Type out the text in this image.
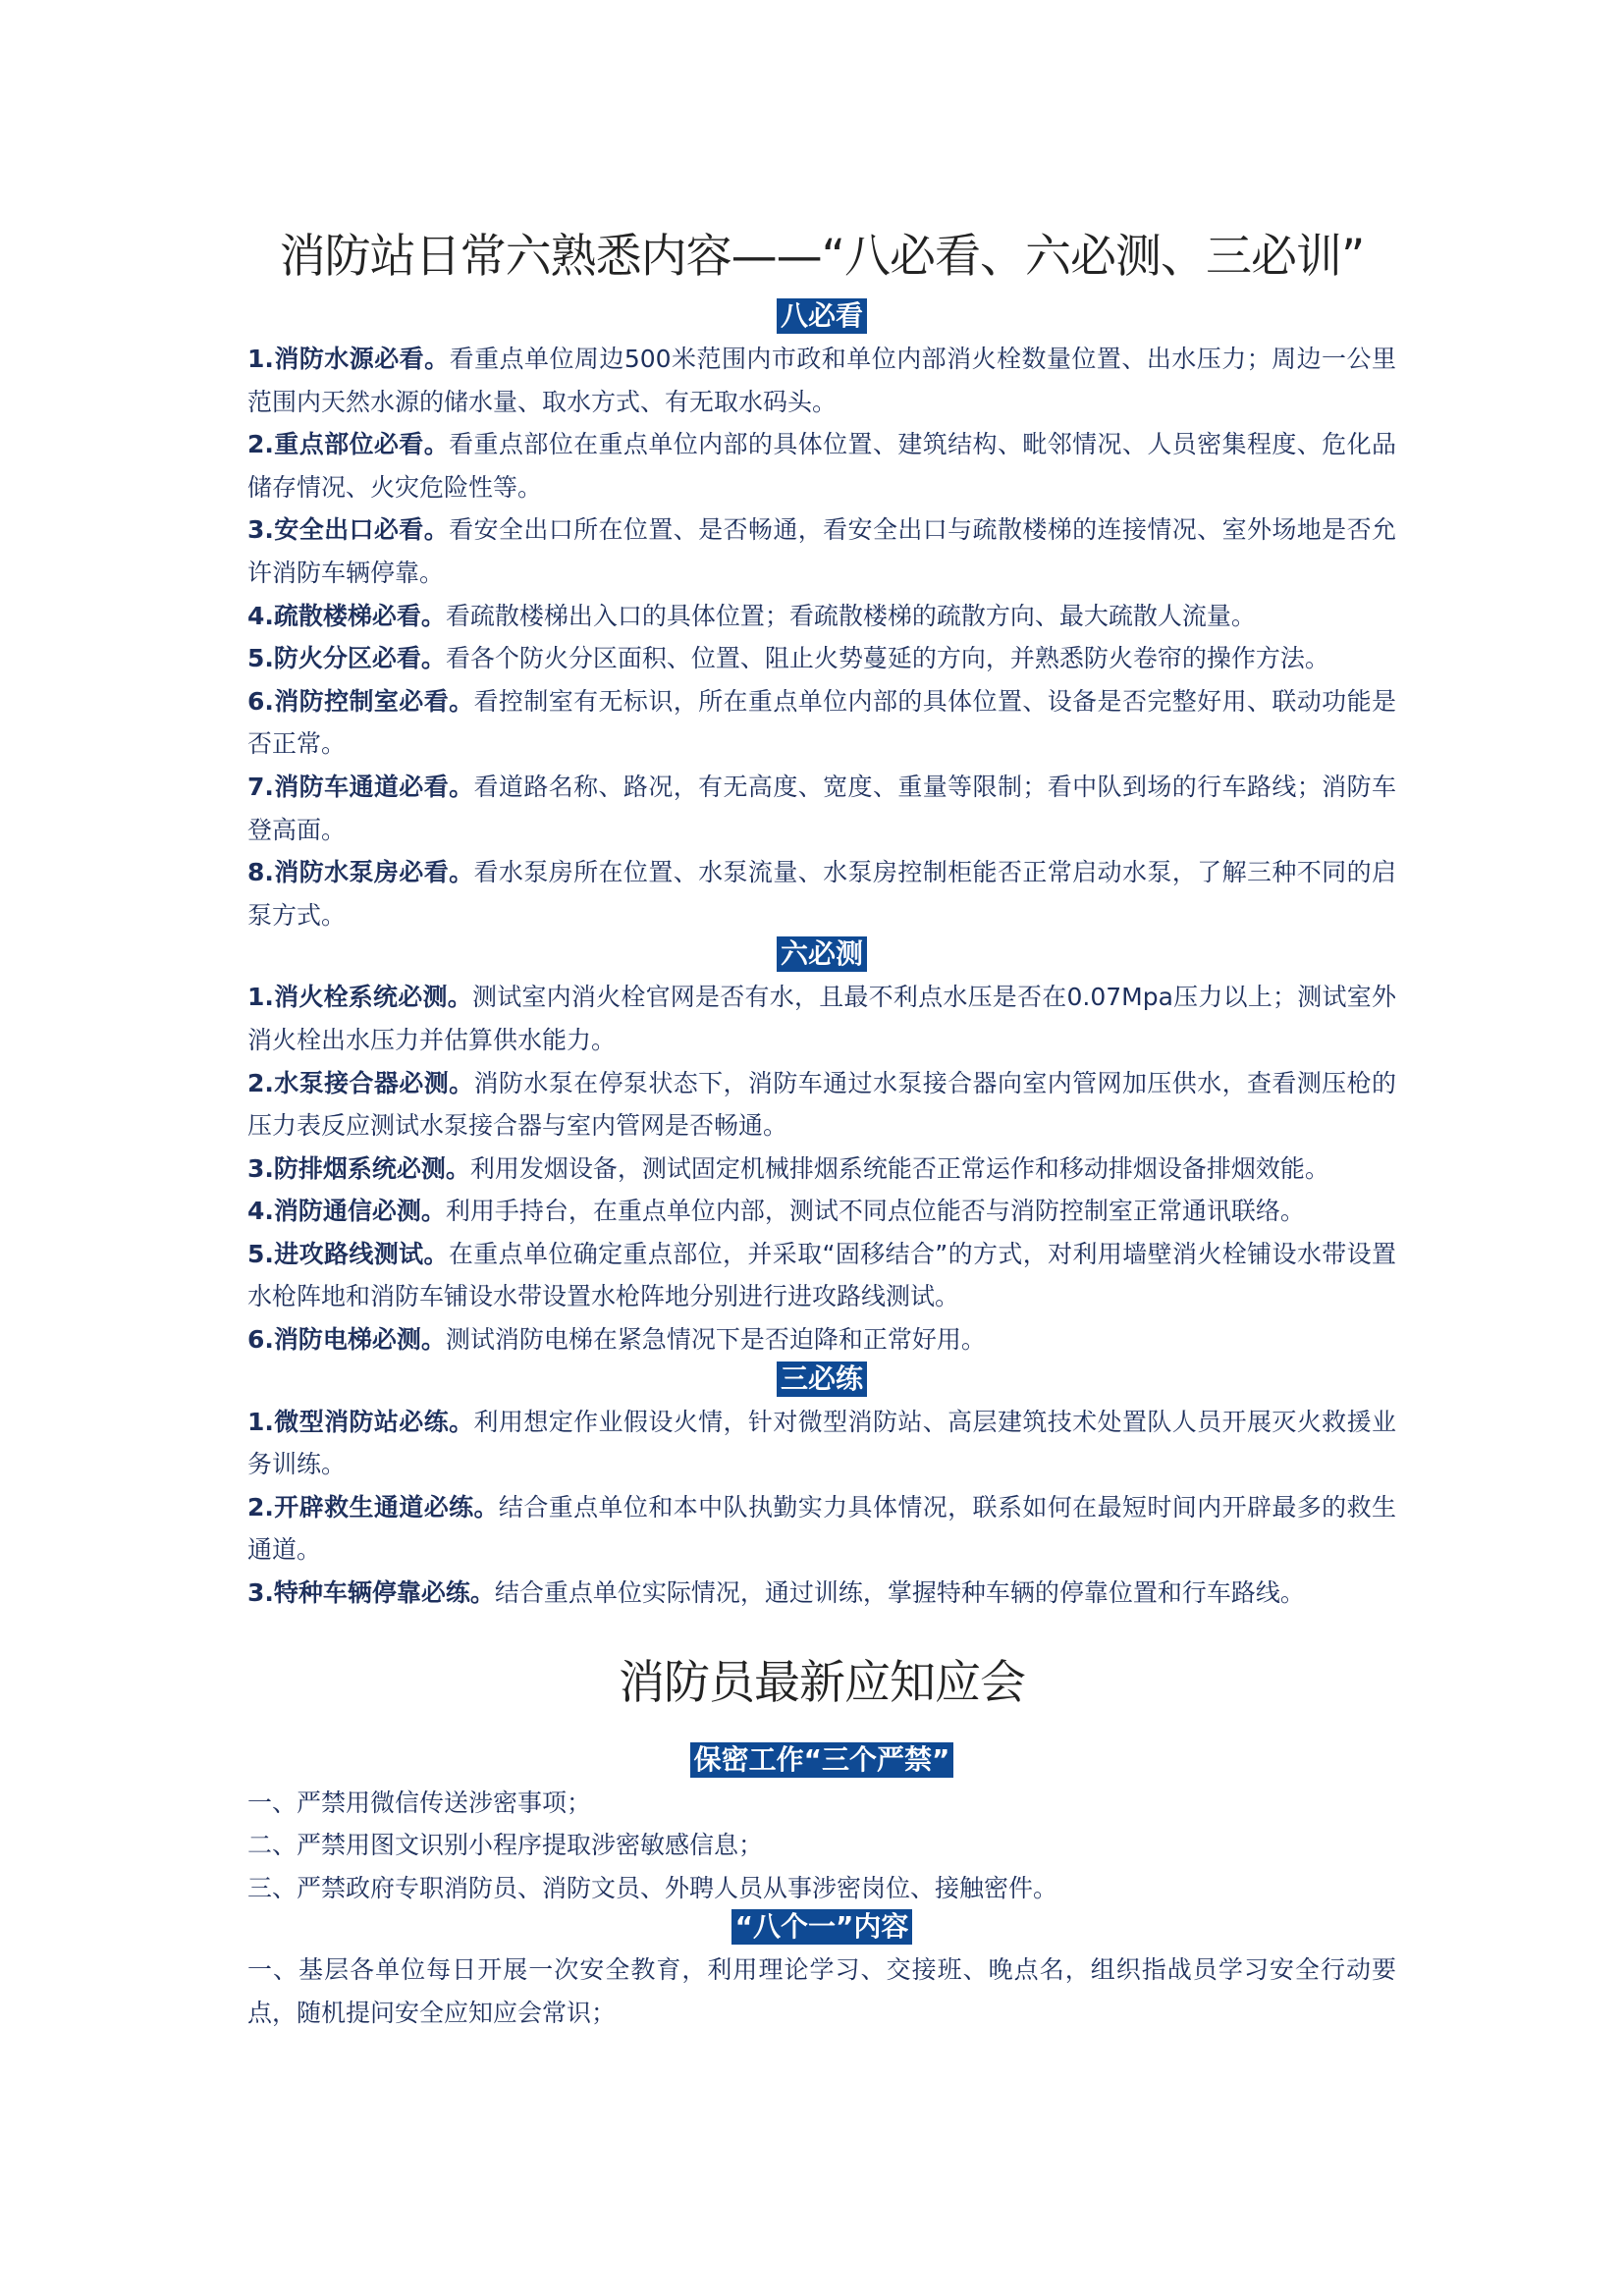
消防站日常六熟悉内容——“八必看、六必测、三必训”
八必看

1.消防水源必看。看重点单位周边500米范围内市政和单位内部消火栓数量位置、出水压力；周边一公里范围内天然水源的储水量、取水方式、有无取水码头。

2.重点部位必看。看重点部位在重点单位内部的具体位置、建筑结构、毗邻情况、人员密集程度、危化品储存情况、火灾危险性等。

3.安全出口必看。看安全出口所在位置、是否畅通，看安全出口与疏散楼梯的连接情况、室外场地是否允许消防车辆停靠。

4.疏散楼梯必看。看疏散楼梯出入口的具体位置；看疏散楼梯的疏散方向、最大疏散人流量。

5.防火分区必看。看各个防火分区面积、位置、阻止火势蔓延的方向，并熟悉防火卷帘的操作方法。

6.消防控制室必看。看控制室有无标识，所在重点单位内部的具体位置、设备是否完整好用、联动功能是否正常。

7.消防车通道必看。看道路名称、路况，有无高度、宽度、重量等限制；看中队到场的行车路线；消防车登高面。

8.消防水泵房必看。看水泵房所在位置、水泵流量、水泵房控制柜能否正常启动水泵，了解三种不同的启泵方式。

六必测

1.消火栓系统必测。测试室内消火栓官网是否有水，且最不利点水压是否在0.07Mpa压力以上；测试室外消火栓出水压力并估算供水能力。

2.水泵接合器必测。消防水泵在停泵状态下，消防车通过水泵接合器向室内管网加压供水，查看测压枪的压力表反应测试水泵接合器与室内管网是否畅通。

3.防排烟系统必测。利用发烟设备，测试固定机械排烟系统能否正常运作和移动排烟设备排烟效能。

4.消防通信必测。利用手持台，在重点单位内部，测试不同点位能否与消防控制室正常通讯联络。

5.进攻路线测试。在重点单位确定重点部位，并采取“固移结合”的方式，对利用墙壁消火栓铺设水带设置水枪阵地和消防车铺设水带设置水枪阵地分别进行进攻路线测试。

6.消防电梯必测。测试消防电梯在紧急情况下是否迫降和正常好用。

三必练

1.微型消防站必练。利用想定作业假设火情，针对微型消防站、高层建筑技术处置队人员开展灭火救援业务训练。

2.开辟救生通道必练。结合重点单位和本中队执勤实力具体情况，联系如何在最短时间内开辟最多的救生通道。

3.特种车辆停靠必练。结合重点单位实际情况，通过训练，掌握特种车辆的停靠位置和行车路线。

消防员最新应知应会
保密工作“三个严禁”

一、严禁用微信传送涉密事项；

二、严禁用图文识别小程序提取涉密敏感信息；

三、严禁政府专职消防员、消防文员、外聘人员从事涉密岗位、接触密件。

“八个一”内容

一、基层各单位每日开展一次安全教育，利用理论学习、交接班、晚点名，组织指战员学习安全行动要点，随机提问安全应知应会常识；
